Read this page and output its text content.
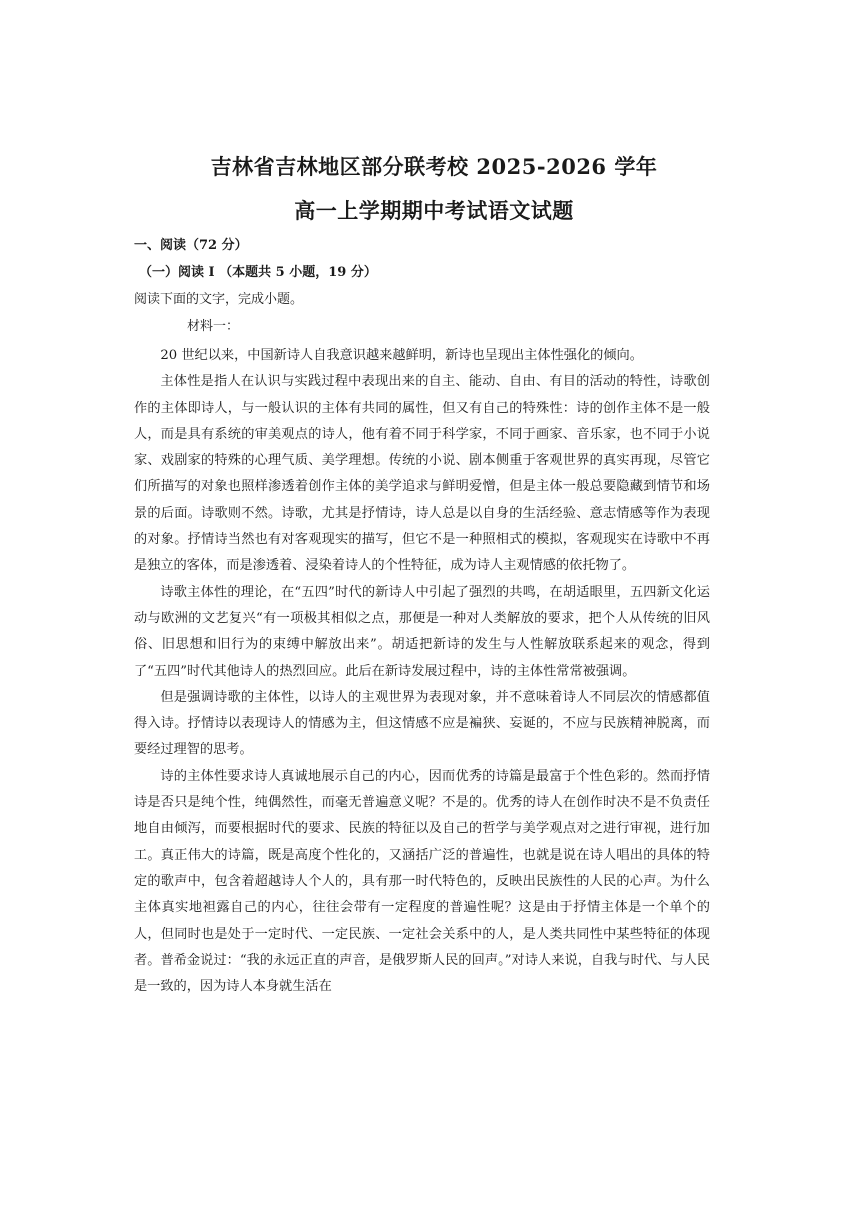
吉林省吉林地区部分联考校 2025-2026 学年
高一上学期期中考试语文试题
一、阅读（72 分）
（一）阅读 I （本题共 5 小题，19 分）
阅读下面的文字，完成小题。
材料一：

20 世纪以来，中国新诗人自我意识越来越鲜明，新诗也呈现出主体性强化的倾向。

主体性是指人在认识与实践过程中表现出来的自主、能动、自由、有目的活动的特性，诗歌创作的主体即诗人，与一般认识的主体有共同的属性，但又有自己的特殊性：诗的创作主体不是一般人，而是具有系统的审美观点的诗人，他有着不同于科学家，不同于画家、音乐家，也不同于小说家、戏剧家的特殊的心理气质、美学理想。传统的小说、剧本侧重于客观世界的真实再现，尽管它们所描写的对象也照样渗透着创作主体的美学追求与鲜明爱憎，但是主体一般总要隐藏到情节和场景的后面。诗歌则不然。诗歌，尤其是抒情诗，诗人总是以自身的生活经验、意志情感等作为表现的对象。抒情诗当然也有对客观现实的描写，但它不是一种照相式的模拟，客观现实在诗歌中不再是独立的客体，而是渗透着、浸染着诗人的个性特征，成为诗人主观情感的依托物了。

诗歌主体性的理论，在“五四”时代的新诗人中引起了强烈的共鸣，在胡适眼里，五四新文化运动与欧洲的文艺复兴“有一项极其相似之点，那便是一种对人类解放的要求，把个人从传统的旧风俗、旧思想和旧行为的束缚中解放出来”。胡适把新诗的发生与人性解放联系起来的观念，得到了“五四”时代其他诗人的热烈回应。此后在新诗发展过程中，诗的主体性常常被强调。

但是强调诗歌的主体性，以诗人的主观世界为表现对象，并不意味着诗人不同层次的情感都值得入诗。抒情诗以表现诗人的情感为主，但这情感不应是褊狭、妄诞的，不应与民族精神脱离，而要经过理智的思考。

诗的主体性要求诗人真诚地展示自己的内心，因而优秀的诗篇是最富于个性色彩的。然而抒情诗是否只是纯个性，纯偶然性，而毫无普遍意义呢？不是的。优秀的诗人在创作时决不是不负责任地自由倾泻，而要根据时代的要求、民族的特征以及自己的哲学与美学观点对之进行审视，进行加工。真正伟大的诗篇，既是高度个性化的，又涵括广泛的普遍性，也就是说在诗人唱出的具体的特定的歌声中，包含着超越诗人个人的，具有那一时代特色的，反映出民族性的人民的心声。为什么主体真实地袒露自己的内心，往往会带有一定程度的普遍性呢？这是由于抒情主体是一个单个的人，但同时也是处于一定时代、一定民族、一定社会关系中的人，是人类共同性中某些特征的体现者。普希金说过：“我的永远正直的声音，是俄罗斯人民的回声。”对诗人来说，自我与时代、与人民是一致的，因为诗人本身就生活在
